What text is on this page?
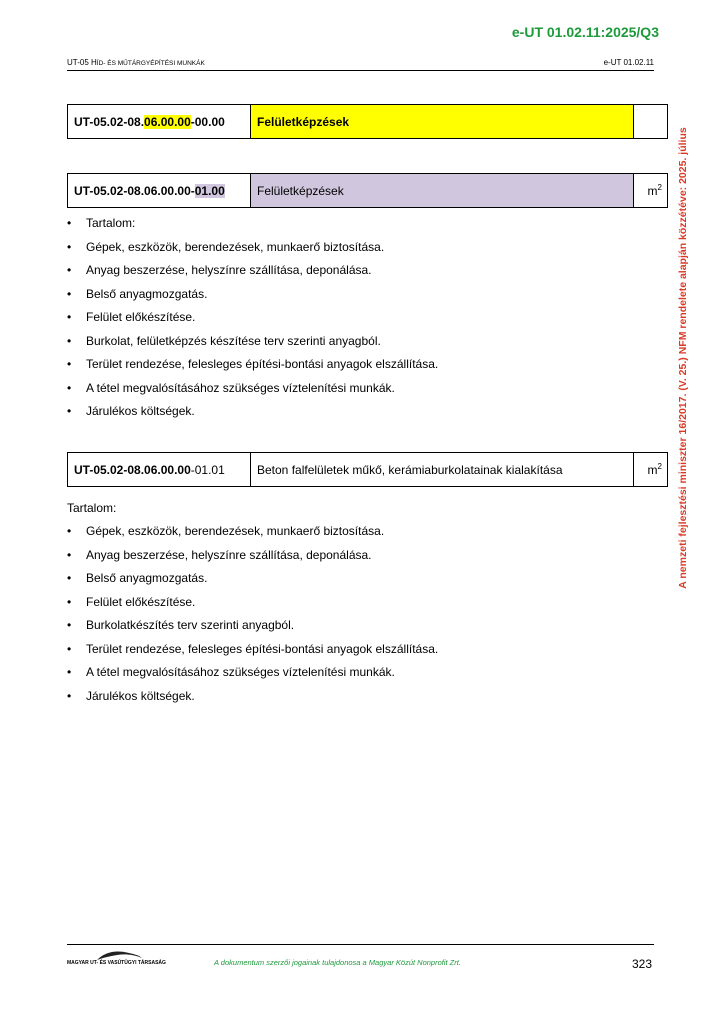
e-UT 01.02.11:2025/Q3
UT-05 HÍD- ÉS MŰTÁRGYÉPÍTÉSI MUNKÁK	e-UT 01.02.11
A nemzeti fejlesztési miniszter 16/2017. (V. 25.) NFM rendelete alapján közzétéve: 2025. július
UT-05.02-08.06.00.00-00.00	Felületképzések	
UT-05.02-08.06.00.00-01.00	Felületképzések	$m^2$
• Tartalom:
• Gépek, eszközök, berendezések, munkaerő biztosítása.
• Anyag beszerzése, helyszínre szállítása, deponálása.
• Belső anyagmozgatás.
• Felület előkészítése.
• Burkolat, felületképzés készítése terv szerinti anyagból.
• Terület rendezése, felesleges építési-bontási anyagok elszállítása.
• A tétel megvalósításához szükséges víztelenítési munkák.
• Járulékos költségek.
UT-05.02-08.06.00.00-01.01	Beton falfelületek műkő, kerámiaburkolatainak kialakítása	$m^2$
Tartalom:
• Gépek, eszközök, berendezések, munkaerő biztosítása.
• Anyag beszerzése, helyszínre szállítása, deponálása.
• Belső anyagmozgatás.
• Felület előkészítése.
• Burkolatkészítés terv szerinti anyagból.
• Terület rendezése, felesleges építési-bontási anyagok elszállítása.
• A tétel megvalósításához szükséges víztelenítési munkák.
• Járulékos költségek.
MAGYAR UT- ÉS VASÚTÜGYI TÁRSASÁG	A dokumentum szerzői jogainak tulajdonosa a Magyar Közút Nonprofit Zrt.	323
